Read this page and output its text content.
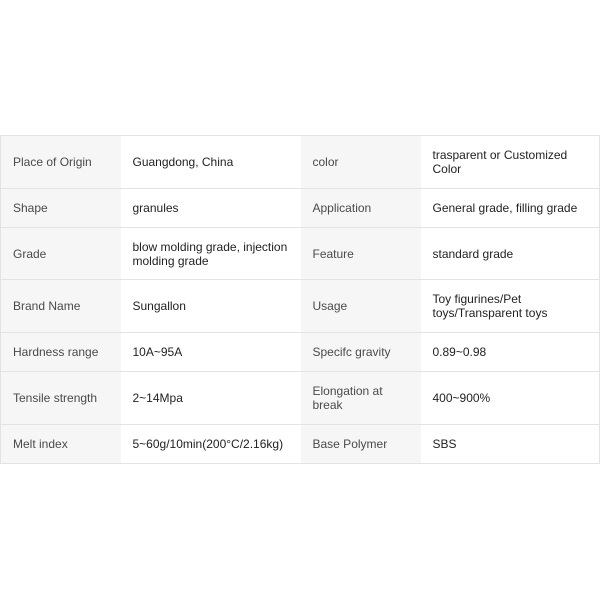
Place of Origin	Guangdong, China	color	trasparent or Customized Color
Shape	granules	Application	General grade, filling grade
Grade	blow molding grade, injection molding grade	Feature	standard grade
Brand Name	Sungallon	Usage	Toy figurines/Pet toys/Transparent toys
Hardness range	10A~95A	Specifc gravity	0.89~0.98
Tensile strength	2~14Mpa	Elongation at break	400~900%
Melt index	5~60g/10min(200°C/2.16kg)	Base Polymer	SBS
